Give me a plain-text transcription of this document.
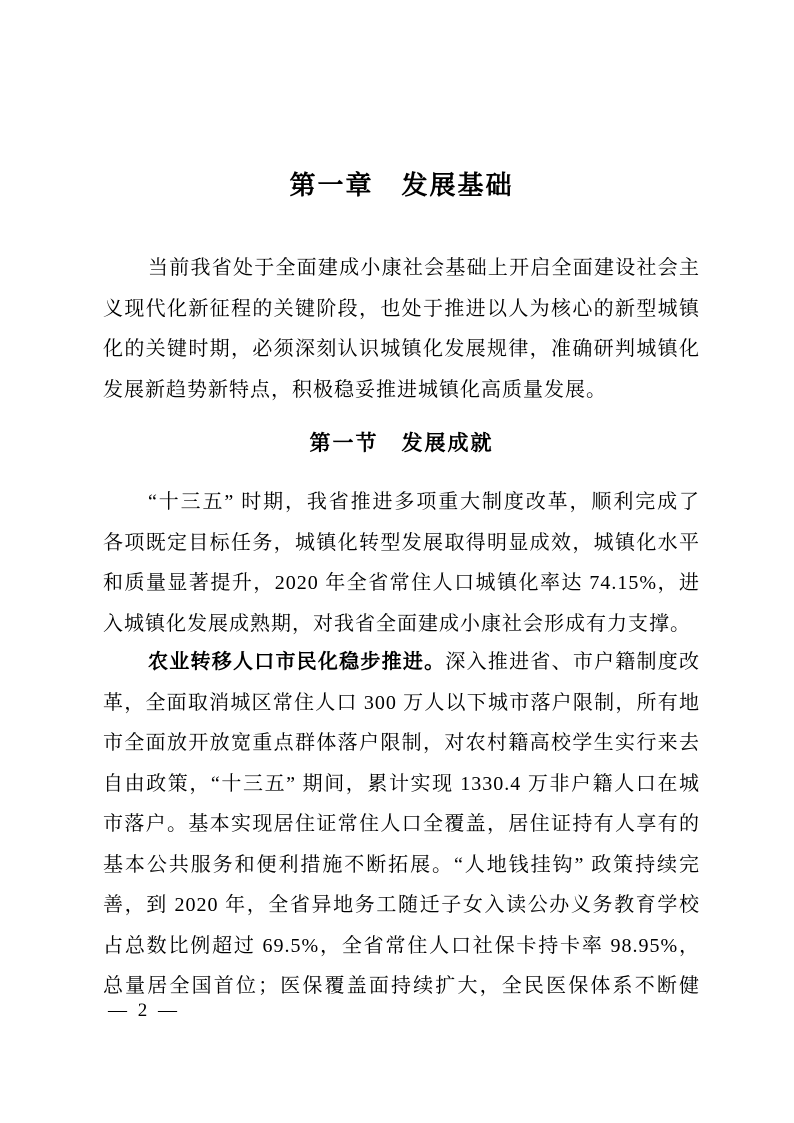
第一章　发展基础
当前我省处于全面建成小康社会基础上开启全面建设社会主
义现代化新征程的关键阶段，也处于推进以人为核心的新型城镇
化的关键时期，必须深刻认识城镇化发展规律，准确研判城镇化
发展新趋势新特点，积极稳妥推进城镇化高质量发展。
第一节　发展成就
“十三五” 时期，我省推进多项重大制度改革，顺利完成了
各项既定目标任务，城镇化转型发展取得明显成效，城镇化水平
和质量显著提升，2020 年全省常住人口城镇化率达 74.15%，进
入城镇化发展成熟期，对我省全面建成小康社会形成有力支撑。
农业转移人口市民化稳步推进。深入推进省、市户籍制度改
革，全面取消城区常住人口 300 万人以下城市落户限制，所有地
市全面放开放宽重点群体落户限制，对农村籍高校学生实行来去
自由政策，“十三五” 期间，累计实现 1330.4 万非户籍人口在城
市落户。基本实现居住证常住人口全覆盖，居住证持有人享有的
基本公共服务和便利措施不断拓展。“人地钱挂钩” 政策持续完
善，到 2020 年，全省异地务工随迁子女入读公办义务教育学校
占总数比例超过 69.5%，全省常住人口社保卡持卡率 98.95%，
总量居全国首位；医保覆盖面持续扩大，全民医保体系不断健
— 2 —
